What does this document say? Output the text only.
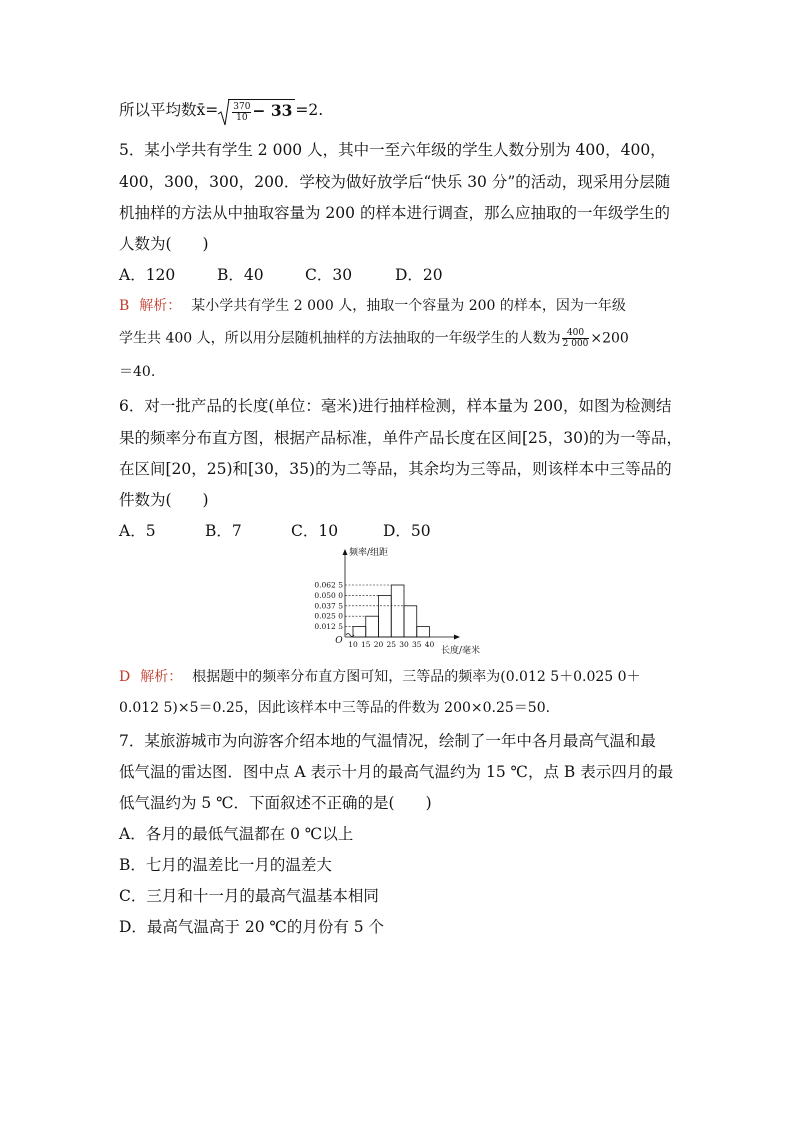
所以平均数x̄= $\frac{370}{10} - 33 =2$.
5．某小学共有学生 2 000 人，其中一至六年级的学生人数分别为 400，400，
400，300，300，200．学校为做好放学后“快乐 30 分”的活动，现采用分层随
机抽样的方法从中抽取容量为 200 的样本进行调查，那么应抽取的一年级学生的
人数为(　　)
A．120	B．40	C．30	D．20
B 解析： 某小学共有学生 2 000 人，抽取一个容量为 200 的样本，因为一年级
学生共 400 人，所以用分层随机抽样的方法抽取的一年级学生的人数为 $\frac{400}{2 000} \times 200$
＝40.
6．对一批产品的长度(单位：毫米)进行抽样检测，样本量为 200，如图为检测结
果的频率分布直方图，根据产品标准，单件产品长度在区间[25，30)的为一等品，
在区间[20，25)和[30，35)的为二等品，其余均为三等品，则该样本中三等品的
件数为(　　)
A．5	B．7	C．10	D．50
频率/组距
长度/毫米
O
0.012 5
0.025 0
0.037 5
0.050 0
0.062 5
10 15 20 25 30 35 40
D 解析： 根据题中的频率分布直方图可知，三等品的频率为(0.012 5＋0.025 0＋
0.012 5)×5＝0.25，因此该样本中三等品的件数为 200×0.25＝50.
7．某旅游城市为向游客介绍本地的气温情况，绘制了一年中各月最高气温和最
低气温的雷达图．图中点 A 表示十月的最高气温约为 15 ℃，点 B 表示四月的最
低气温约为 5 ℃．下面叙述不正确的是(　　)
A．各月的最低气温都在 0 ℃以上
B．七月的温差比一月的温差大
C．三月和十一月的最高气温基本相同
D．最高气温高于 20 ℃的月份有 5 个
